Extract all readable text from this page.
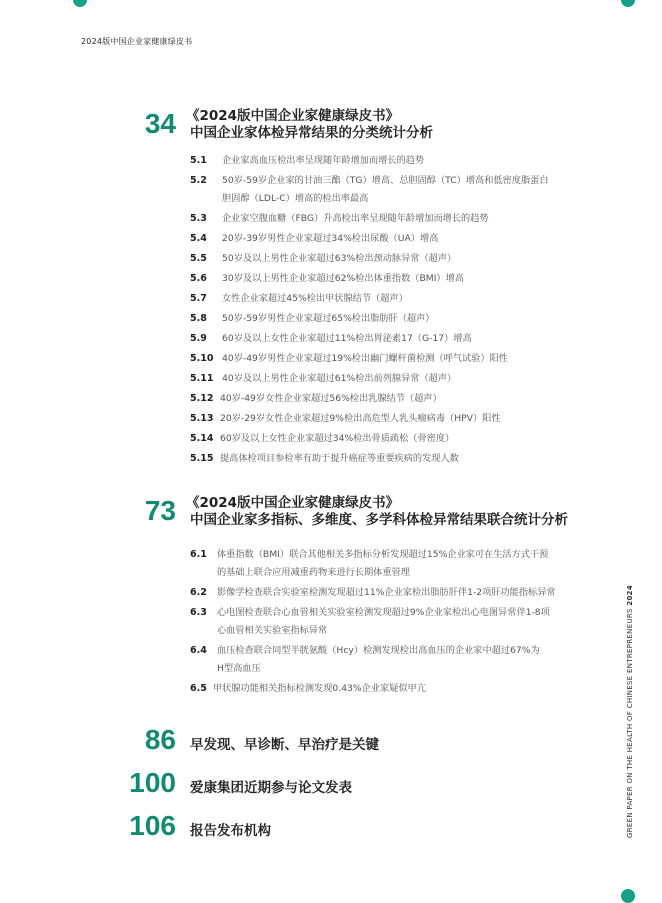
2024版中国企业家健康绿皮书
34 《2024版中国企业家健康绿皮书》
中国企业家体检异常结果的分类统计分析
5.1	企业家高血压检出率呈现随年龄增加而增长的趋势
5.2	50岁-59岁企业家的甘油三酯（TG）增高、总胆固醇（TC）增高和低密度脂蛋白
胆固醇（LDL-C）增高的检出率最高
5.3	企业家空腹血糖（FBG）升高检出率呈现随年龄增加而增长的趋势
5.4	20岁-39岁男性企业家超过34%检出尿酸（UA）增高
5.5	50岁及以上男性企业家超过63%检出颈动脉异常（超声）
5.6	30岁及以上男性企业家超过62%检出体重指数（BMI）增高
5.7	女性企业家超过45%检出甲状腺结节（超声）
5.8	50岁-59岁男性企业家超过65%检出脂肪肝（超声）
5.9	60岁及以上女性企业家超过11%检出胃泌素17（G-17）增高
5.10 40岁-49岁男性企业家超过19%检出幽门螺杆菌检测（呼气试验）阳性
5.11 40岁及以上男性企业家超过61%检出前列腺异常（超声）
5.12 40岁-49岁女性企业家超过56%检出乳腺结节（超声）
5.13 20岁-29岁女性企业家超过9%检出高危型人乳头瘤病毒（HPV）阳性
5.14 60岁及以上女性企业家超过34%检出骨质疏松（骨密度）
5.15 提高体检项目参检率有助于提升癌症等重要疾病的发现人数
73 《2024版中国企业家健康绿皮书》
中国企业家多指标、多维度、多学科体检异常结果联合统计分析
6.1	体重指数（BMI）联合其他相关多指标分析发现超过15%企业家可在生活方式干预
的基础上联合应用减重药物来进行长期体重管理
6.2	影像学检查联合实验室检测发现超过11%企业家检出脂肪肝伴1-2项肝功能指标异常
6.3	心电图检查联合心血管相关实验室检测发现超过9%企业家检出心电图异常伴1-8项
心血管相关实验室指标异常
6.4	血压检查联合同型半胱氨酸（Hcy）检测发现检出高血压的企业家中超过67%为
H型高血压
6.5 甲状腺功能相关指标检测发现0.43%企业家疑似甲亢
86 早发现、早诊断、早治疗是关键
100 爱康集团近期参与论文发表
106 报告发布机构	GREEN PAPER ON THE HEALTH OF CHINESE ENTREPRENEURS 2024
